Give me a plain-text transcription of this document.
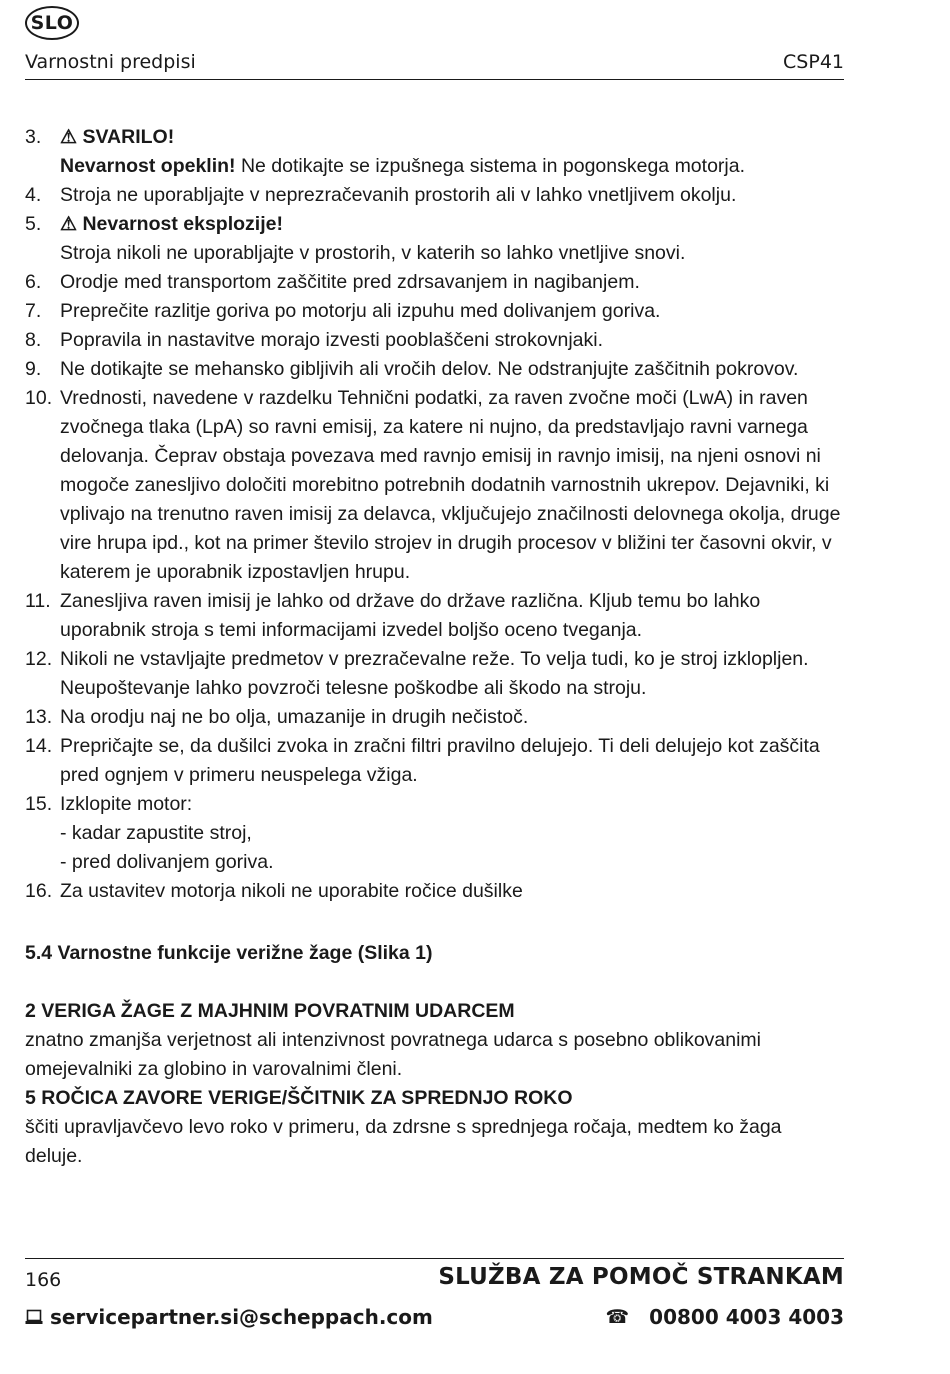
SLO
Varnostni predpisi	CSP41
3. ⚠ SVARILO!
Nevarnost opeklin! Ne dotikajte se izpušnega sistema in pogonskega motorja.
4. Stroja ne uporabljajte v neprezračevanih prostorih ali v lahko vnetljivem okolju.
5. ⚠ Nevarnost eksplozije!
Stroja nikoli ne uporabljajte v prostorih, v katerih so lahko vnetljive snovi.
6. Orodje med transportom zaščitite pred zdrsavanjem in nagibanjem.
7. Preprečite razlitje goriva po motorju ali izpuhu med dolivanjem goriva.
8. Popravila in nastavitve morajo izvesti pooblaščeni strokovnjaki.
9. Ne dotikajte se mehansko gibljivih ali vročih delov. Ne odstranjujte zaščitnih pokrovov.
10. Vrednosti, navedene v razdelku Tehnični podatki, za raven zvočne moči (LwA) in raven zvočnega tlaka (LpA) so ravni emisij, za katere ni nujno, da predstavljajo ravni varnega delovanja. Čeprav obstaja povezava med ravnjo emisij in ravnjo imisij, na njeni osnovi ni mogoče zanesljivo določiti morebitno potrebnih dodatnih varnostnih ukrepov. Dejavniki, ki vplivajo na trenutno raven imisij za delavca, vključujejo značilnosti delovnega okolja, druge vire hrupa ipd., kot na primer število strojev in drugih procesov v bližini ter časovni okvir, v katerem je uporabnik izpostavljen hrupu.
11. Zanesljiva raven imisij je lahko od države do države različna. Kljub temu bo lahko uporabnik stroja s temi informacijami izvedel boljšo oceno tveganja.
12. Nikoli ne vstavljajte predmetov v prezračevalne reže. To velja tudi, ko je stroj izklopljen. Neupoštevanje lahko povzroči telesne poškodbe ali škodo na stroju.
13. Na orodju naj ne bo olja, umazanije in drugih nečistoč.
14. Prepričajte se, da dušilci zvoka in zračni filtri pravilno delujejo. Ti deli delujejo kot zaščita pred ognjem v primeru neuspelega vžiga.
15. Izklopite motor:
- kadar zapustite stroj,
- pred dolivanjem goriva.
16. Za ustavitev motorja nikoli ne uporabite ročice dušilke
5.4 Varnostne funkcije verižne žage (Slika 1)
2 VERIGA ŽAGE Z MAJHNIM POVRATNIM UDARCEM
znatno zmanjša verjetnost ali intenzivnost povratnega udarca s posebno oblikovanimi omejevalniki za globino in varovalnimi členi.
5 ROČICA ZAVORE VERIGE/ŠČITNIK ZA SPREDNJO ROKO
ščiti upravljavčevo levo roko v primeru, da zdrsne s sprednjega ročaja, medtem ko žaga deluje.
166	SLUŽBA ZA POMOČ STRANKAM
servicepartner.si@scheppach.com	☎ 00800 4003 4003
